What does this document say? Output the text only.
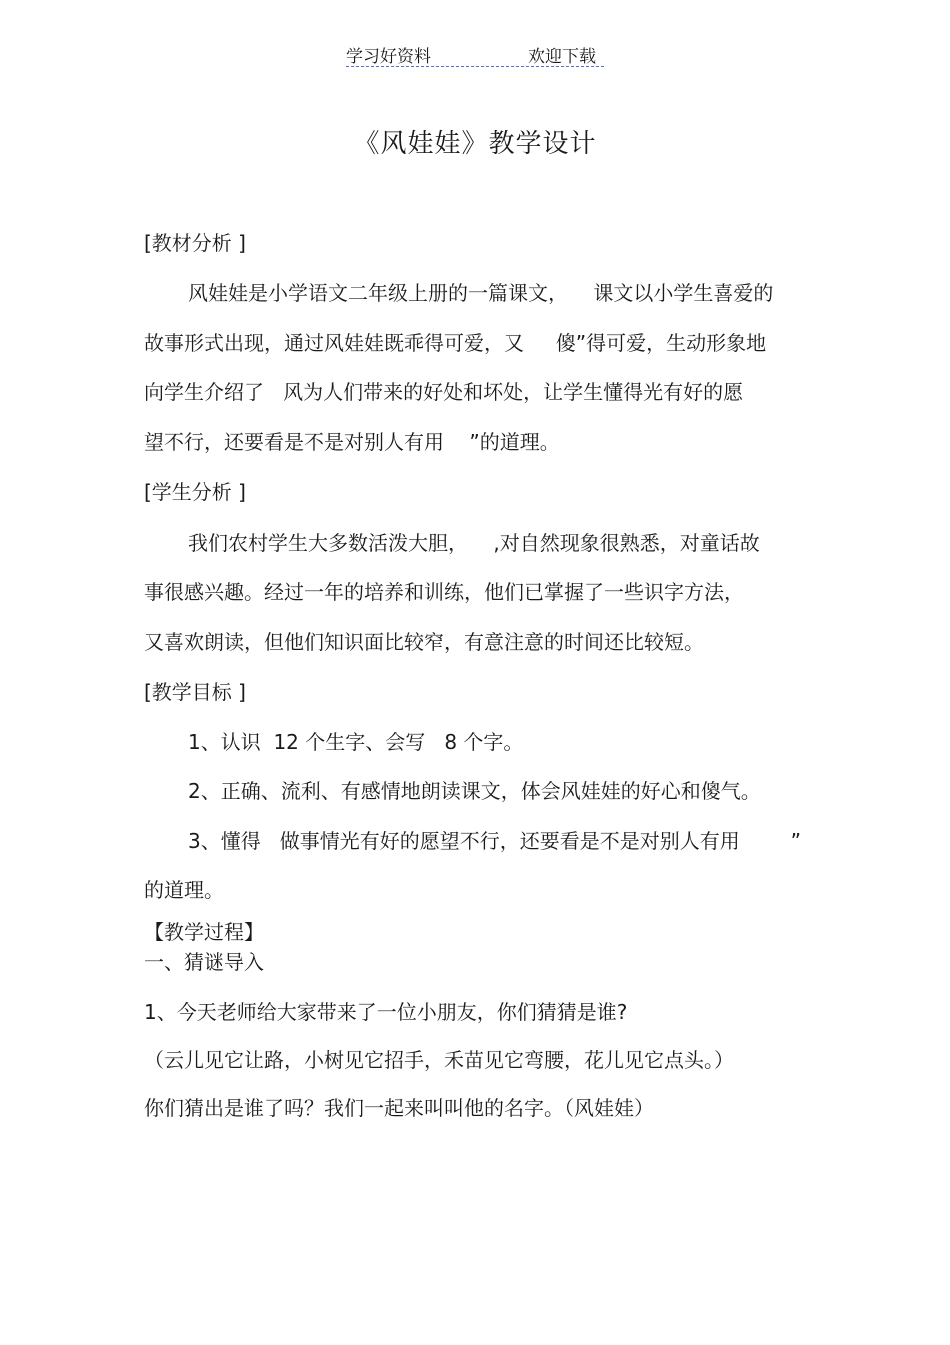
学习好资料	欢迎下载
《风娃娃》教学设计
[教材分析 ]
风娃娃是小学语文二年级上册的一篇课文，    课文以小学生喜爱的
故事形式出现，通过风娃娃既乖得可爱，又     傻”得可爱，生动形象地
向学生介绍了   风为人们带来的好处和坏处，让学生懂得光有好的愿
望不行，还要看是不是对别人有用    ”的道理。
[学生分析 ]
我们农村学生大多数活泼大胆，    ,对自然现象很熟悉，对童话故
事很感兴趣。经过一年的培养和训练，他们已掌握了一些识字方法，
又喜欢朗读，但他们知识面比较窄，有意注意的时间还比较短。
[教学目标 ]
1、认识  12 个生字、会写   8 个字。
2、正确、流利、有感情地朗读课文，体会风娃娃的好心和傻气。
3、懂得   做事情光有好的愿望不行，还要看是不是对别人有用        ”
的道理。
【教学过程】
一、猜谜导入
1、今天老师给大家带来了一位小朋友，你们猜猜是谁?
（云儿见它让路，小树见它招手，禾苗见它弯腰，花儿见它点头。）
你们猜出是谁了吗？我们一起来叫叫他的名字。（风娃娃）
